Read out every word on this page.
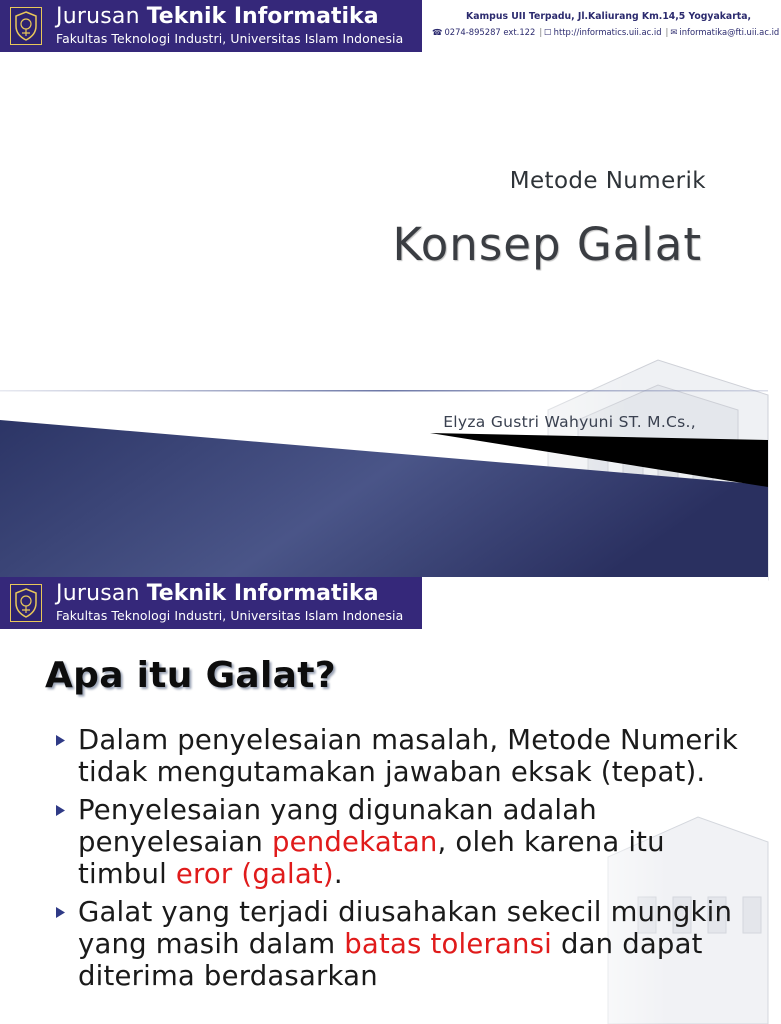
Jurusan Teknik Informatika
Fakultas Teknologi Industri, Universitas Islam Indonesia
Kampus UII Terpadu, Jl.Kaliurang Km.14,5 Yogyakarta,
☎ 0274-895287 ext.122 | ☐ http://informatics.uii.ac.id | ✉ informatika@fti.uii.ac.id
Metode Numerik
Konsep Galat
Elyza Gustri Wahyuni ST. M.Cs.,
Jurusan Teknik Informatika
Fakultas Teknologi Industri, Universitas Islam Indonesia
Apa itu Galat?
Dalam penyelesaian masalah, Metode Numerik tidak mengutamakan jawaban eksak (tepat).
Penyelesaian yang digunakan adalah penyelesaian pendekatan, oleh karena itu timbul eror (galat).
Galat yang terjadi diusahakan sekecil mungkin yang masih dalam batas toleransi dan dapat diterima berdasarkan
